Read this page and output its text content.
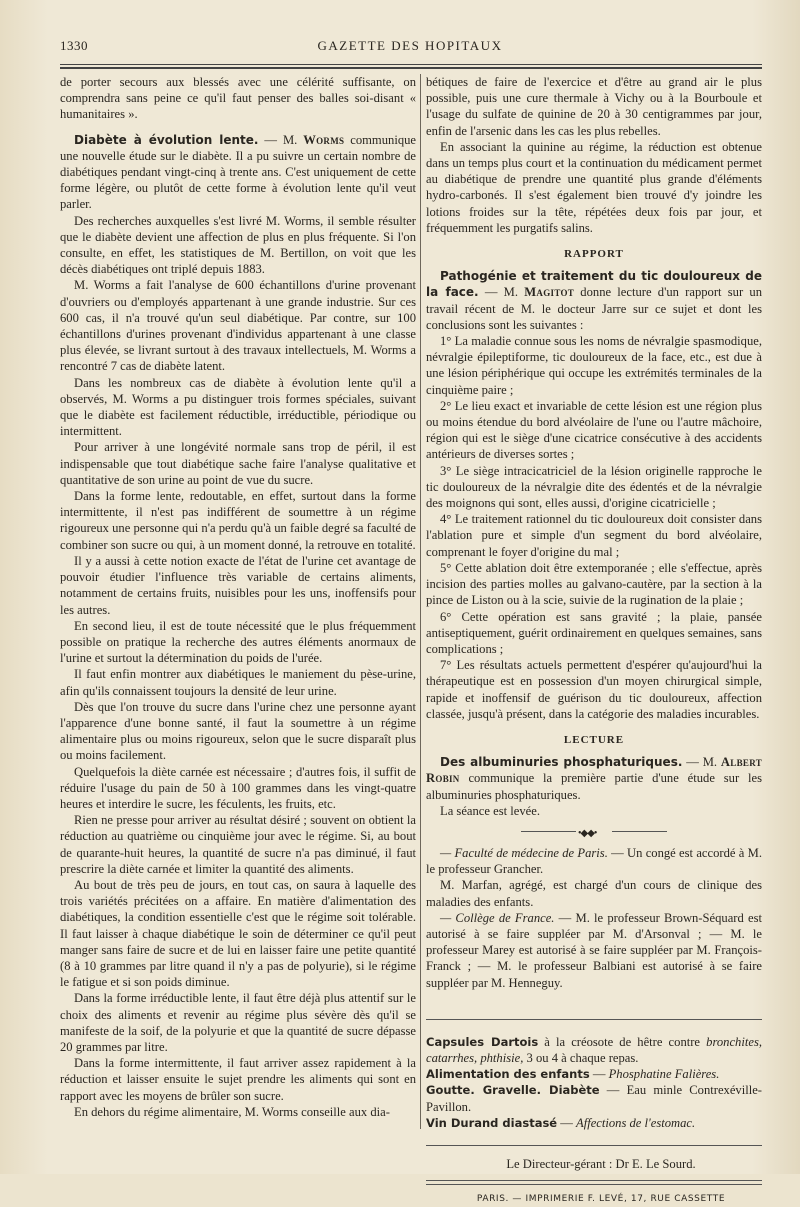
1330	GAZETTE DES HOPITAUX

de porter secours aux blessés avec une célérité suffisante, on comprendra sans peine ce qu'il faut penser des balles soi-disant « humanitaires ».

Diabète à évolution lente. — M. Worms communique une nouvelle étude sur le diabète. Il a pu suivre un certain nombre de diabétiques pendant vingt-cinq à trente ans. C'est uniquement de cette forme légère, ou plutôt de cette forme à évolution lente qu'il veut parler.

Des recherches auxquelles s'est livré M. Worms, il semble résulter que le diabète devient une affection de plus en plus fréquente. Si l'on consulte, en effet, les statistiques de M. Bertillon, on voit que les décès diabétiques ont triplé depuis 1883.

M. Worms a fait l'analyse de 600 échantillons d'urine provenant d'ouvriers ou d'employés appartenant à une grande industrie. Sur ces 600 cas, il n'a trouvé qu'un seul diabétique. Par contre, sur 100 échantillons d'urines provenant d'individus appartenant à une classe plus élevée, se livrant surtout à des travaux intellectuels, M. Worms a rencontré 7 cas de diabète latent.

Dans les nombreux cas de diabète à évolution lente qu'il a observés, M. Worms a pu distinguer trois formes spéciales, suivant que le diabète est facilement réductible, irréductible, périodique ou intermittent.

Pour arriver à une longévité normale sans trop de péril, il est indispensable que tout diabétique sache faire l'analyse qualitative et quantitative de son urine au point de vue du sucre.

Dans la forme lente, redoutable, en effet, surtout dans la forme intermittente, il n'est pas indifférent de soumettre à un régime rigoureux une personne qui n'a perdu qu'à un faible degré sa faculté de combiner son sucre ou qui, à un moment donné, la retrouve en totalité.

Il y a aussi à cette notion exacte de l'état de l'urine cet avantage de pouvoir étudier l'influence très variable de certains aliments, notamment de certains fruits, nuisibles pour les uns, inoffensifs pour les autres.

En second lieu, il est de toute nécessité que le plus fréquemment possible on pratique la recherche des autres éléments anormaux de l'urine et surtout la détermination du poids de l'urée.

Il faut enfin montrer aux diabétiques le maniement du pèse-urine, afin qu'ils connaissent toujours la densité de leur urine.

Dès que l'on trouve du sucre dans l'urine chez une personne ayant l'apparence d'une bonne santé, il faut la soumettre à un régime alimentaire plus ou moins rigoureux, selon que le sucre disparaît plus ou moins facilement.

Quelquefois la diète carnée est nécessaire ; d'autres fois, il suffit de réduire l'usage du pain de 50 à 100 grammes dans les vingt-quatre heures et interdire le sucre, les féculents, les fruits, etc.

Rien ne presse pour arriver au résultat désiré ; souvent on obtient la réduction au quatrième ou cinquième jour avec le régime. Si, au bout de quarante-huit heures, la quantité de sucre n'a pas diminué, il faut prescrire la diète carnée et limiter la quantité des aliments.

Au bout de très peu de jours, en tout cas, on saura à laquelle des trois variétés précitées on a affaire. En matière d'alimentation des diabétiques, la condition essentielle c'est que le régime soit tolérable. Il faut laisser à chaque diabétique le soin de déterminer ce qu'il peut manger sans faire de sucre et de lui en laisser faire une petite quantité (8 à 10 grammes par litre quand il n'y a pas de polyurie), si le régime le fatigue et si son poids diminue.

Dans la forme irréductible lente, il faut être déjà plus attentif sur le choix des aliments et revenir au régime plus sévère dès qu'il se manifeste de la soif, de la polyurie et que la quantité de sucre dépasse 20 grammes par litre.

Dans la forme intermittente, il faut arriver assez rapidement à la réduction et laisser ensuite le sujet prendre les aliments qui sont en rapport avec les moyens de brûler son sucre.

En dehors du régime alimentaire, M. Worms conseille aux dia-

bétiques de faire de l'exercice et d'être au grand air le plus possible, puis une cure thermale à Vichy ou à la Bourboule et l'usage du sulfate de quinine de 20 à 30 centigrammes par jour, enfin de l'arsenic dans les cas les plus rebelles.

En associant la quinine au régime, la réduction est obtenue dans un temps plus court et la continuation du médicament permet au diabétique de prendre une quantité plus grande d'éléments hydro-carbonés. Il s'est également bien trouvé d'y joindre les lotions froides sur la tête, répétées deux fois par jour, et fréquemment les purgatifs salins.

RAPPORT

Pathogénie et traitement du tic douloureux de la face. — M. Magitot donne lecture d'un rapport sur un travail récent de M. le docteur Jarre sur ce sujet et dont les conclusions sont les suivantes :

1° La maladie connue sous les noms de névralgie spasmodique, névralgie épileptiforme, tic douloureux de la face, etc., est due à une lésion périphérique qui occupe les extrémités terminales de la cinquième paire ;

2° Le lieu exact et invariable de cette lésion est une région plus ou moins étendue du bord alvéolaire de l'une ou l'autre mâchoire, région qui est le siège d'une cicatrice consécutive à des accidents antérieurs de diverses sortes ;

3° Le siège intracicatriciel de la lésion originelle rapproche le tic douloureux de la névralgie dite des édentés et de la névralgie des moignons qui sont, elles aussi, d'origine cicatricielle ;

4° Le traitement rationnel du tic douloureux doit consister dans l'ablation pure et simple d'un segment du bord alvéolaire, comprenant le foyer d'origine du mal ;

5° Cette ablation doit être extemporanée ; elle s'effectue, après incision des parties molles au galvano-cautère, par la section à la pince de Liston ou à la scie, suivie de la rugination de la plaie ;

6° Cette opération est sans gravité ; la plaie, pansée antiseptiquement, guérit ordinairement en quelques semaines, sans complications ;

7° Les résultats actuels permettent d'espérer qu'aujourd'hui la thérapeutique est en possession d'un moyen chirurgical simple, rapide et inoffensif de guérison du tic douloureux, affection classée, jusqu'à présent, dans la catégorie des maladies incurables.

LECTURE

Des albuminuries phosphaturiques. — M. Albert Robin communique la première partie d'une étude sur les albuminuries phosphaturiques.

La séance est levée.

•◆◆•

— Faculté de médecine de Paris. — Un congé est accordé à M. le professeur Grancher.

M. Marfan, agrégé, est chargé d'un cours de clinique des maladies des enfants.

— Collège de France. — M. le professeur Brown-Séquard est autorisé à se faire suppléer par M. d'Arsonval ; — M. le professeur Marey est autorisé à se faire suppléer par M. François-Franck ; — M. le professeur Balbiani est autorisé à se faire suppléer par M. Henneguy.

Capsules Dartois à la créosote de hêtre contre bronchites, catarrhes, phthisie, 3 ou 4 à chaque repas.

Alimentation des enfants — Phosphatine Falières.

Goutte. Gravelle. Diabète — Eau minle Contrexéville-Pavillon.

Vin Durand diastasé — Affections de l'estomac.

Le Directeur-gérant : Dr E. Le Sourd.

PARIS. — IMPRIMERIE F. LEVÉ, 17, RUE CASSETTE
